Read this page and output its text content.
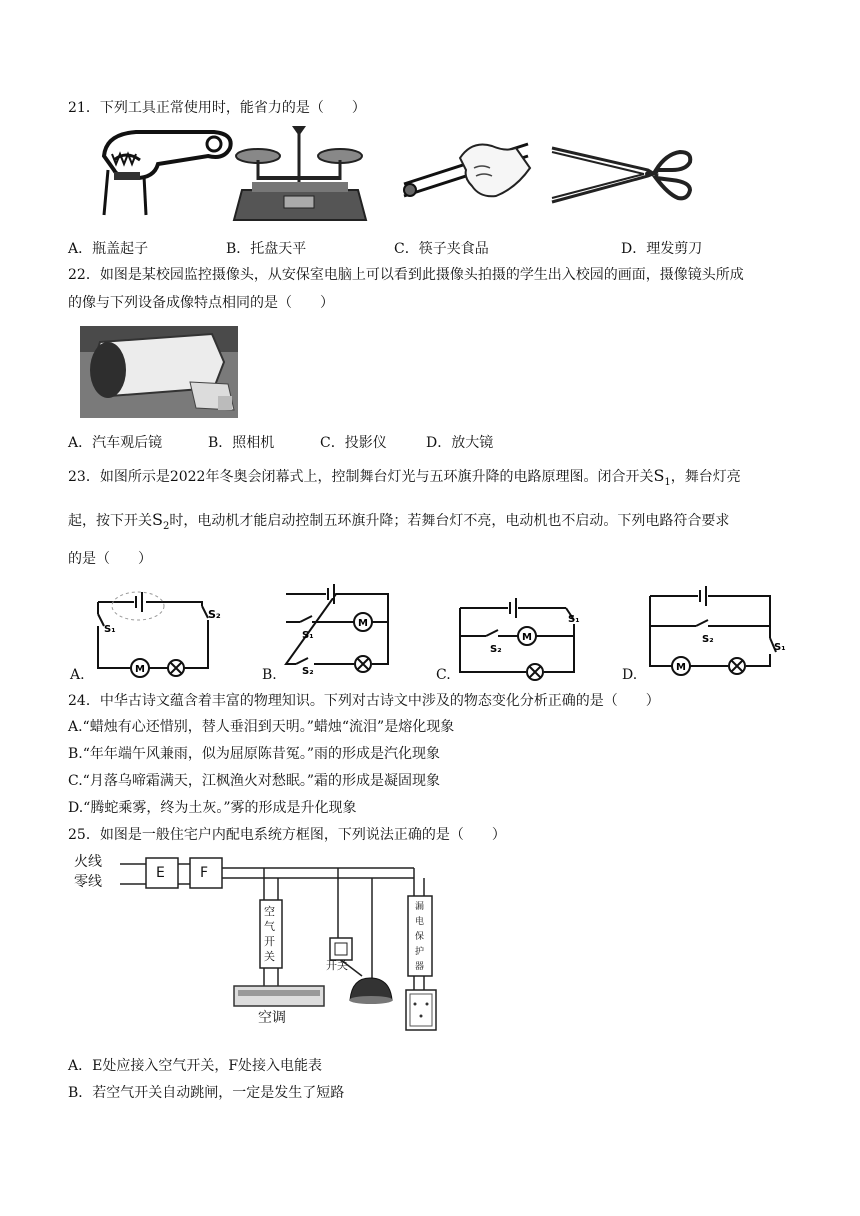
21．下列工具正常使用时，能省力的是（　　）
A．瓶盖起子	B．托盘天平	C．筷子夹食品	D．理发剪刀
22．如图是某校园监控摄像头，从安保室电脑上可以看到此摄像头拍摄的学生出入校园的画面，摄像镜头所成
的像与下列设备成像特点相同的是（　　）
A．汽车观后镜	B．照相机	C．投影仪	D．放大镜
23．如图所示是2022年冬奥会闭幕式上，控制舞台灯光与五环旗升降的电路原理图。闭合开关$S_1$，舞台灯亮
起，按下开关$S_2$时，电动机才能启动控制五环旗升降；若舞台灯不亮，电动机也不启动。下列电路符合要求
的是（　　）
S₁
M
S₂
A.
S₁
M
S₂
B.
S₁
S₂
M
C.
S₁
S₂
M
D.
24．中华古诗文蕴含着丰富的物理知识。下列对古诗文中涉及的物态变化分析正确的是（　　）
A.“蜡烛有心还惜别，替人垂泪到天明。”蜡烛“流泪”是熔化现象
B.“年年端午风兼雨，似为屈原陈昔冤。”雨的形成是汽化现象
C.“月落乌啼霜满天，江枫渔火对愁眠。”霜的形成是凝固现象
D.“腾蛇乘雾，终为土灰。”雾的形成是升化现象
25．如图是一般住宅户内配电系统方框图，下列说法正确的是（　　）
火线
零线
E	F
空
气
开
关
漏
电
保
护
器
开关
空调
A．E处应接入空气开关，F处接入电能表
B．若空气开关自动跳闸，一定是发生了短路
